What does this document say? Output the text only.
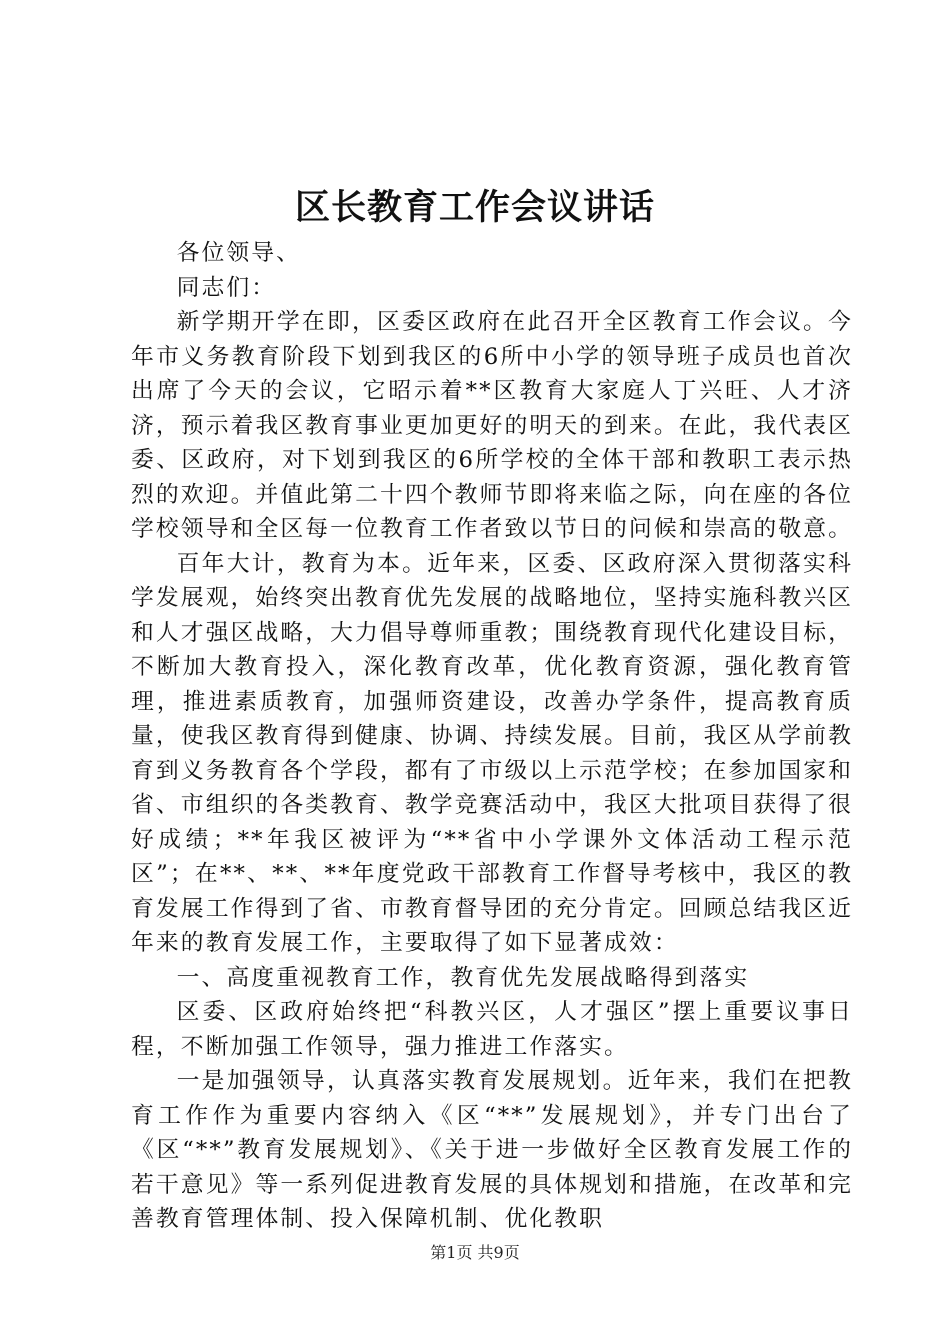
区长教育工作会议讲话

各位领导、

同志们：

新学期开学在即，区委区政府在此召开全区教育工作会议。今年市义务教育阶段下划到我区的6所中小学的领导班子成员也首次出席了今天的会议，它昭示着**区教育大家庭人丁兴旺、人才济济，预示着我区教育事业更加更好的明天的到来。在此，我代表区委、区政府，对下划到我区的6所学校的全体干部和教职工表示热烈的欢迎。并值此第二十四个教师节即将来临之际，向在座的各位学校领导和全区每一位教育工作者致以节日的问候和崇高的敬意。

百年大计，教育为本。近年来，区委、区政府深入贯彻落实科学发展观，始终突出教育优先发展的战略地位，坚持实施科教兴区和人才强区战略，大力倡导尊师重教；围绕教育现代化建设目标，不断加大教育投入，深化教育改革，优化教育资源，强化教育管理，推进素质教育，加强师资建设，改善办学条件，提高教育质量，使我区教育得到健康、协调、持续发展。目前，我区从学前教育到义务教育各个学段，都有了市级以上示范学校；在参加国家和省、市组织的各类教育、教学竞赛活动中，我区大批项目获得了很好成绩；**年我区被评为“**省中小学课外文体活动工程示范区”；在**、**、**年度党政干部教育工作督导考核中，我区的教育发展工作得到了省、市教育督导团的充分肯定。回顾总结我区近年来的教育发展工作，主要取得了如下显著成效：

一、高度重视教育工作，教育优先发展战略得到落实

区委、区政府始终把“科教兴区，人才强区”摆上重要议事日程，不断加强工作领导，强力推进工作落实。

一是加强领导，认真落实教育发展规划。近年来，我们在把教育工作作为重要内容纳入《区“**”发展规划》，并专门出台了《区“**”教育发展规划》、《关于进一步做好全区教育发展工作的若干意见》等一系列促进教育发展的具体规划和措施，在改革和完善教育管理体制、投入保障机制、优化教职

第1页 共9页
